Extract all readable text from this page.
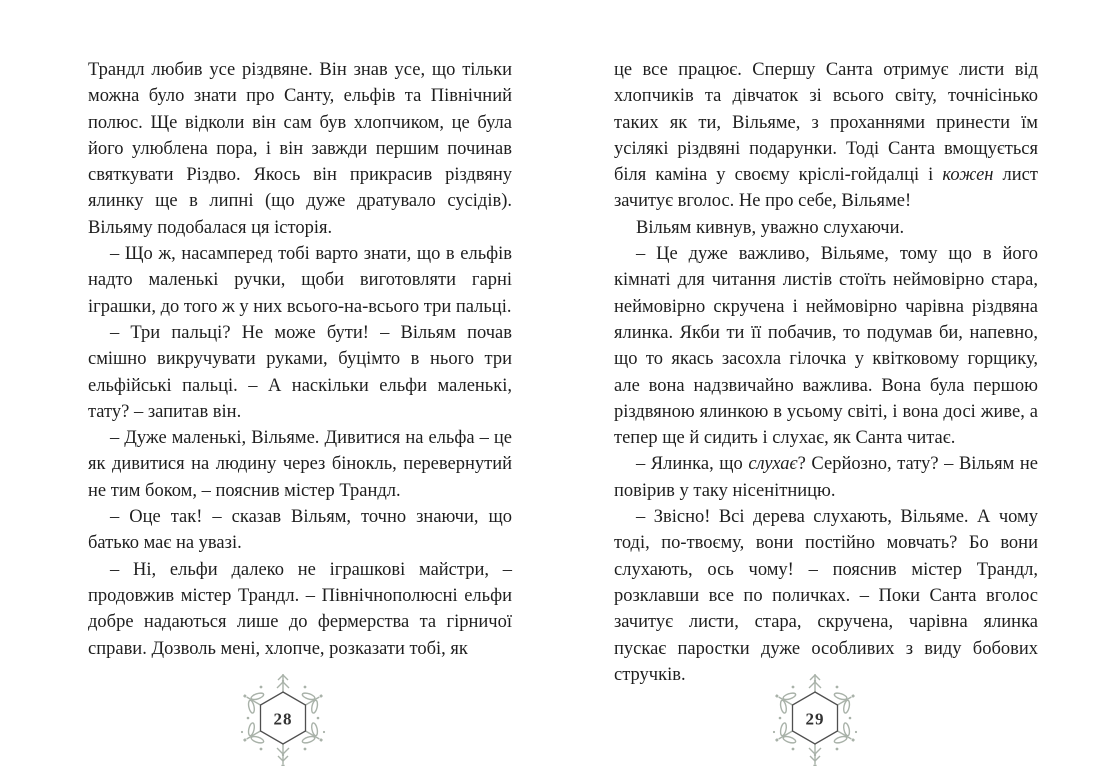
Трандл любив усе різдвяне. Він знав усе, що тільки можна було знати про Санту, ельфів та Північний полюс. Ще відколи він сам був хлопчиком, це була його улюблена пора, і він завжди першим починав святкувати Різдво. Якось він прикрасив різдвяну ялинку ще в липні (що дуже дратувало сусідів). Вільяму подобалася ця історія.
– Що ж, насамперед тобі варто знати, що в ельфів надто маленькі ручки, щоби виготовляти гарні іграшки, до того ж у них всього-на-всього три пальці.
– Три пальці? Не може бути! – Вільям почав смішно викручувати руками, буцімто в нього три ельфійські пальці. – А наскільки ельфи маленькі, тату? – запитав він.
– Дуже маленькі, Вільяме. Дивитися на ельфа – це як дивитися на людину через бінокль, перевернутий не тим боком, – пояснив містер Трандл.
– Оце так! – сказав Вільям, точно знаючи, що батько має на увазі.
– Ні, ельфи далеко не іграшкові майстри, – продовжив містер Трандл. – Північнополюсні ельфи добре надаються лише до фермерства та гірничої справи. Дозволь мені, хлопче, розказати тобі, як
28
це все працює. Спершу Санта отримує листи від хлопчиків та дівчаток зі всього світу, точнісінько таких як ти, Вільяме, з проханнями принести їм усілякі різдвяні подарунки. Тоді Санта вмощується біля каміна у своєму кріслі-гойдалці і кожен лист зачитує вголос. Не про себе, Вільяме!
Вільям кивнув, уважно слухаючи.
– Це дуже важливо, Вільяме, тому що в його кімнаті для читання листів стоїть неймовірно стара, неймовірно скручена і неймовірно чарівна різдвяна ялинка. Якби ти її побачив, то подумав би, напевно, що то якась засохла гілочка у квітковому горщику, але вона надзвичайно важлива. Вона була першою різдвяною ялинкою в усьому світі, і вона досі живе, а тепер ще й сидить і слухає, як Санта читає.
– Ялинка, що слухає? Серйозно, тату? – Вільям не повірив у таку нісенітницю.
– Звісно! Всі дерева слухають, Вільяме. А чому тоді, по-твоєму, вони постійно мовчать? Бо вони слухають, ось чому! – пояснив містер Трандл, розклавши все по поличках. – Поки Санта вголос зачитує листи, стара, скручена, чарівна ялинка пускає паростки дуже особливих з виду бобових стручків.
29
